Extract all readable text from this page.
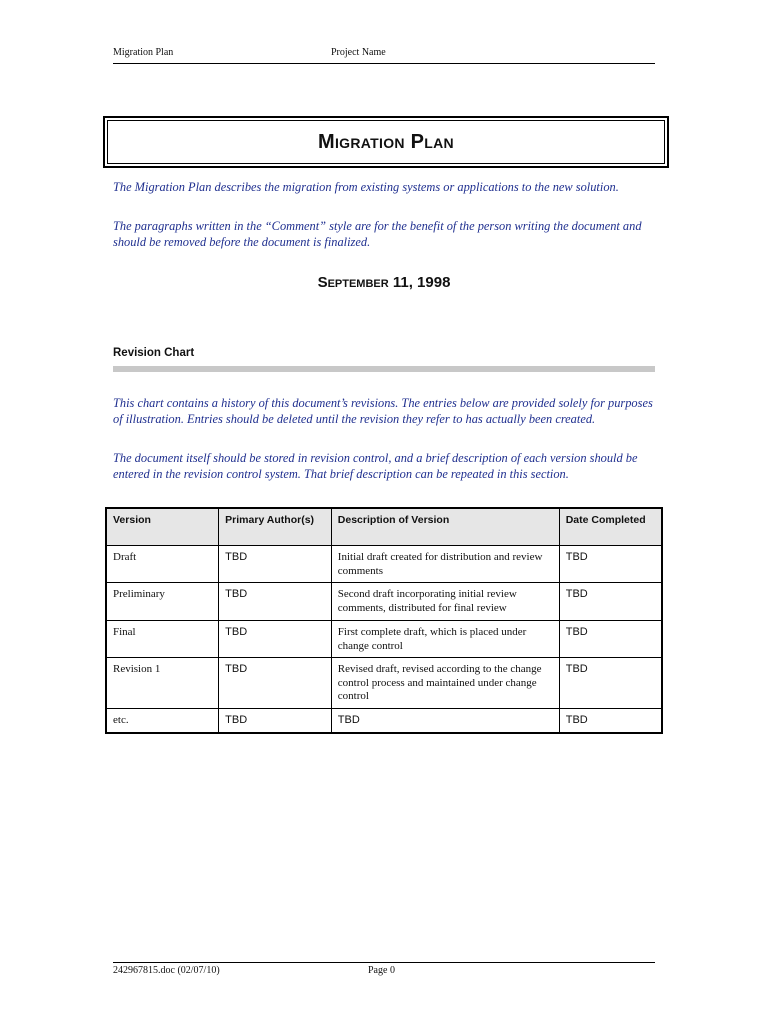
Migration Plan	Project Name
Migration Plan

The Migration Plan describes the migration from existing systems or applications to the new solution.

The paragraphs written in the “Comment” style are for the benefit of the person writing the document and should be removed before the document is finalized.

September 11, 1998
Revision Chart

This chart contains a history of this document’s revisions. The entries below are provided solely for purposes of illustration. Entries should be deleted until the revision they refer to has actually been created.

The document itself should be stored in revision control, and a brief description of each version should be entered in the revision control system. That brief description can be repeated in this section.

Version	Primary Author(s)	Description of Version	Date Completed
Draft	TBD	Initial draft created for distribution and review comments	TBD
Preliminary	TBD	Second draft incorporating initial review comments, distributed for final review	TBD
Final	TBD	First complete draft, which is placed under change control	TBD
Revision 1	TBD	Revised draft, revised according to the change control process and maintained under change control	TBD
etc.	TBD	TBD	TBD
242967815.doc (02/07/10)	Page 0
